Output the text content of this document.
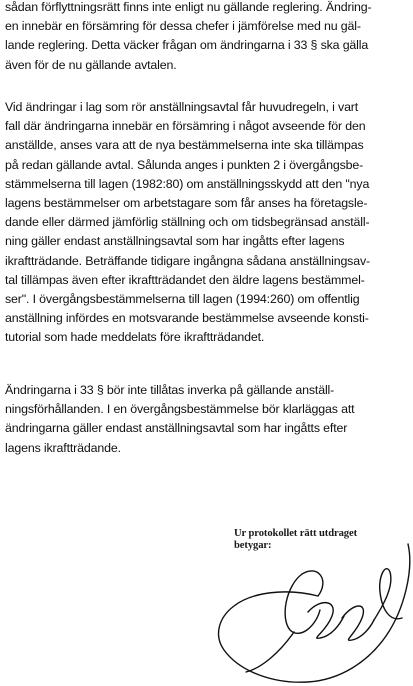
sådan förflyttningsrätt finns inte enligt nu gällande reglering. Ändring-
en innebär en försämring för dessa chefer i jämförelse med nu gäl-
lande reglering. Detta väcker frågan om ändringarna i 33 § ska gälla
även för de nu gällande avtalen.
Vid ändringar i lag som rör anställningsavtal får huvudregeln, i vart
fall där ändringarna innebär en försämring i något avseende för den
anställde, anses vara att de nya bestämmelserna inte ska tillämpas
på redan gällande avtal. Sålunda anges i punkten 2 i övergångsbe-
stämmelserna till lagen (1982:80) om anställningsskydd att den "nya
lagens bestämmelser om arbetstagare som får anses ha företagsle-
dande eller därmed jämförlig ställning och om tidsbegränsad anställ-
ning gäller endast anställningsavtal som har ingåtts efter lagens
ikraftträdande. Beträffande tidigare ingångna sådana anställningsav-
tal tillämpas även efter ikraftträdandet den äldre lagens bestämmel-
ser". I övergångsbestämmelserna till lagen (1994:260) om offentlig
anställning infördes en motsvarande bestämmelse avseende konsti-
tutorial som hade meddelats före ikraftträdandet.
Ändringarna i 33 § bör inte tillåtas inverka på gällande anställ-
ningsförhållanden. I en övergångsbestämmelse bör klarläggas att
ändringarna gäller endast anställningsavtal som har ingåtts efter
lagens ikraftträdande.
Ur protokollet rätt utdraget
betygar:
